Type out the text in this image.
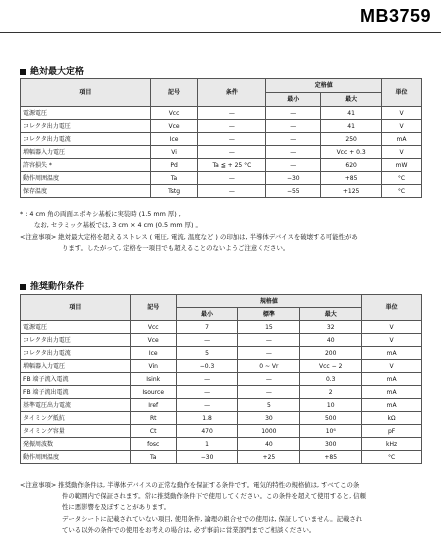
MB3759
絶対最大定格
項目	記号	条件	定格値		単位
			最小	最大	
電源電圧	Vcc	—	—	41	V
コレクタ出力電圧	Vce	—	—	41	V
コレクタ出力電流	Ice	—	—	250	mA
増幅器入力電圧	Vi	—	—	Vcc + 0.3	V
許容損失 *	Pd	Ta ≦ + 25 °C	—	620	mW
動作周囲温度	Ta	—	−30	+85	°C
保存温度	Tstg	—	−55	+125	°C
* : 4 cm 角の両面エポキシ基板に実装時 (1.5 mm 厚) ,
なお, セラミック基板では, 3 cm × 4 cm (0.5 mm 厚) 。
<注意事項> 絶対最大定格を超えるストレス ( 電圧, 電流, 温度など ) の印加は, 半導体デバイスを破壊する可能性があ
ります。したがって, 定格を一項目でも超えることのないようご注意ください。
推奨動作条件
項目	記号	規格値			単位
		最小	標準	最大	
電源電圧	Vcc	7	15	32	V
コレクタ出力電圧	Vce	—	—	40	V
コレクタ出力電流	Ice	5	—	200	mA
増幅器入力電圧	Vin	−0.3	0 ~ Vr	Vcc − 2	V
FB 端子流入電流	Isink	—	—	0.3	mA
FB 端子流出電流	Isource	—	—	2	mA
基準電圧出力電流	Iref	—	5	10	mA
タイミング抵抗	Rt	1.8	30	500	kΩ
タイミング容量	Ct	470	1000	10⁶	pF
発振周波数	fosc	1	40	300	kHz
動作周囲温度	Ta	−30	+25	+85	°C
<注意事項> 推奨動作条件は, 半導体デバイスの正常な動作を保証する条件です。電気的特性の規格値は, すべてこの条
件の範囲内で保証されます。常に推奨動作条件下で使用してください。この条件を超えて使用すると, 信頼
性に悪影響を及ぼすことがあります。
データシートに記載されていない項目, 使用条件, 論理の組合せでの使用は, 保証していません。記載され
ている以外の条件での使用をお考えの場合は, 必ず事前に営業部門までご相談ください。
